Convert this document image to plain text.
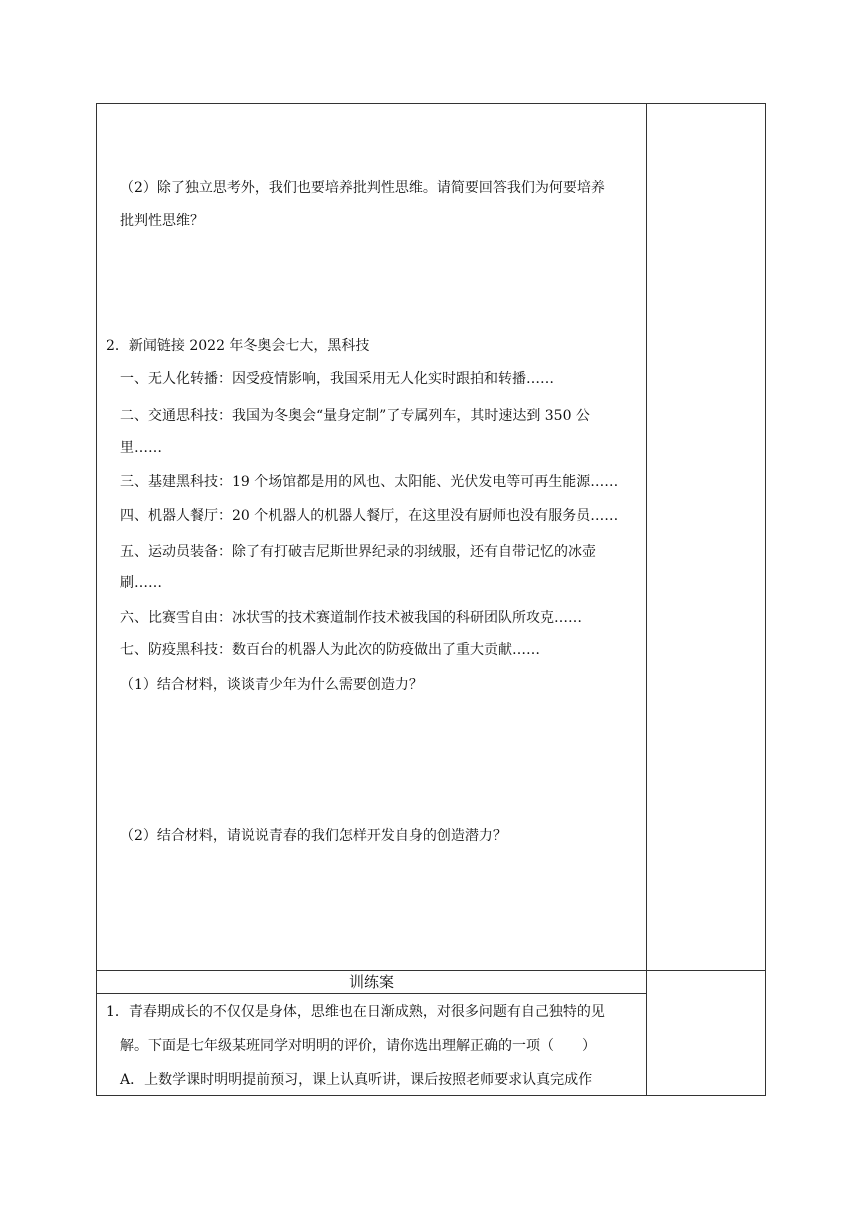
（2）除了独立思考外，我们也要培养批判性思维。请简要回答我们为何要培养
批判性思维？
2．新闻链接 2022 年冬奥会七大，黑科技
一、无人化转播：因受疫情影响，我国采用无人化实时跟拍和转播……
二、交通思科技：我国为冬奥会“量身定制”了专属列车，其时速达到 350 公
里……
三、基建黑科技：19 个场馆都是用的风也、太阳能、光伏发电等可再生能源……
四、机器人餐厅：20 个机器人的机器人餐厅，在这里没有厨师也没有服务员……
五、运动员装备：除了有打破吉尼斯世界纪录的羽绒服，还有自带记忆的冰壶
刷……
六、比赛雪自由：冰状雪的技术赛道制作技术被我国的科研团队所攻克……
七、防疫黑科技：数百台的机器人为此次的防疫做出了重大贡献……
（1）结合材料，谈谈青少年为什么需要创造力？
（2）结合材料，请说说青春的我们怎样开发自身的创造潜力？
训练案
1．青春期成长的不仅仅是身体，思维也在日渐成熟，对很多问题有自己独特的见
解。下面是七年级某班同学对明明的评价，请你选出理解正确的一项（　　）
A．上数学课时明明提前预习，课上认真听讲，课后按照老师要求认真完成作
